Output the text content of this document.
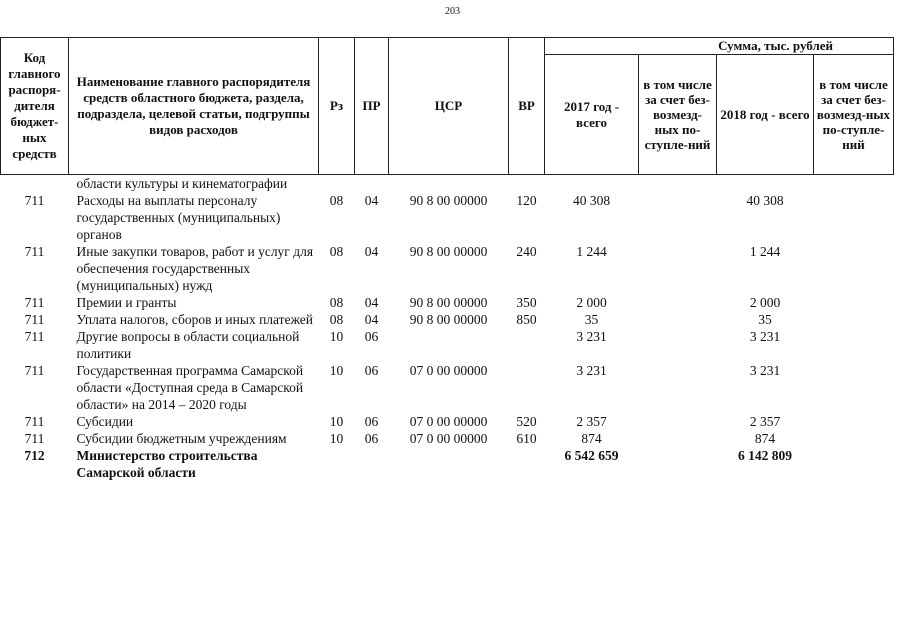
203
Код главного распоря-дителя бюджет-ных средств	Наименование главного распорядителя средств областного бюджета, раздела, подраздела, целевой статьи, подгруппы видов расходов	Рз	ПР	ЦСР	ВР	Сумма, тыс. рублей			
						2017 год - всего	в том числе за счет без-возмезд-ных по-ступле-ний	2018 год - всего	в том числе за счет без-возмезд-ных по-ступле-ний
	области культуры и кинематографии								
711	Расходы на выплаты персоналу государственных (муниципальных) органов	08	04	90 8 00 00000	120	40 308		40 308	
711	Иные закупки товаров, работ и услуг для обеспечения государственных (муниципальных) нужд	08	04	90 8 00 00000	240	1 244		1 244	
711	Премии и гранты	08	04	90 8 00 00000	350	2 000		2 000	
711	Уплата налогов, сборов и иных платежей	08	04	90 8 00 00000	850	35		35	
711	Другие вопросы в области социальной политики	10	06			3 231		3 231	
711	Государственная программа Самарской области «Доступная среда в Самарской области» на 2014 – 2020 годы	10	06	07 0 00 00000		3 231		3 231	
711	Субсидии	10	06	07 0 00 00000	520	2 357		2 357	
711	Субсидии бюджетным учреждениям	10	06	07 0 00 00000	610	874		874	
712	Министерство строительства Самарской области					6 542 659		6 142 809	
